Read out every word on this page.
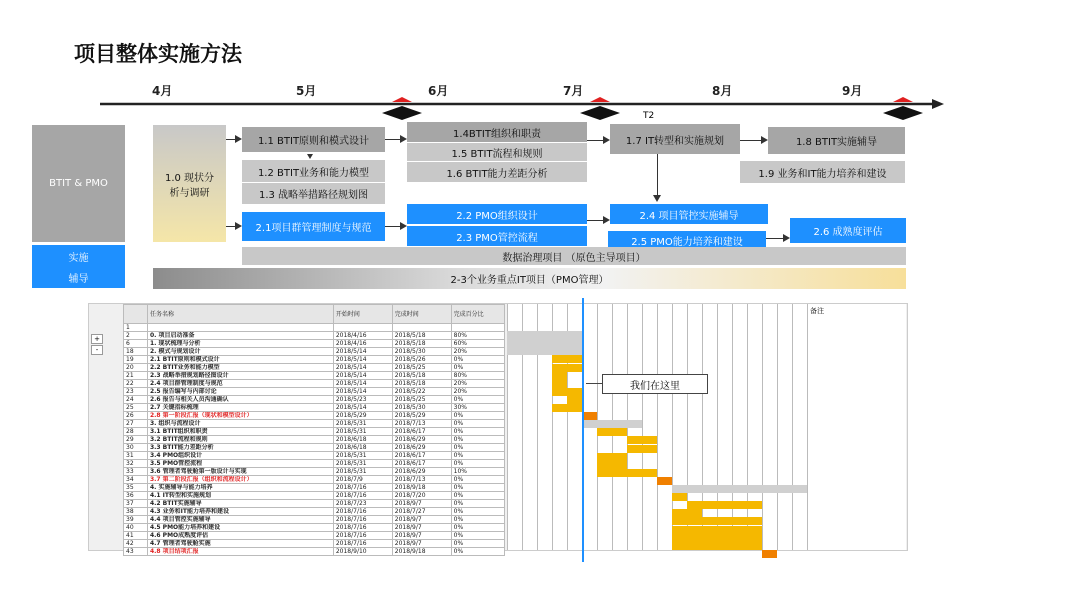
项目整体实施方法
4月	5月	6月	7月	8月	9月
T2
BTIT & PMO
实施
辅导
1.0 现状分
析与调研
1.1 BTIT原则和模式设计
1.2 BTIT业务和能力模型
1.3 战略举措路径规划图
1.4BTIT组织和职责
1.5 BTIT流程和规则
1.6 BTIT能力差距分析
1.7 IT转型和实施规划	1.8 BTIT实施辅导
1.9 业务和IT能力培养和建设
2.1项目群管理制度与规范
2.2 PMO组织设计
2.3 PMO管控流程
2.4 项目管控实施辅导
2.5 PMO能力培养和建设
2.6 成熟度评估
数据治理项目 （原色主导项目）
2-3个业务重点IT项目（PMO管理）
+
-
	任务名称	开始时间	完成时间	完成百分比
1				
2	0. 项目启动准备	2018/4/16	2018/5/18	80%
6	1. 现状梳理与分析	2018/4/16	2018/5/18	60%
18	2. 模式与规划设计	2018/5/14	2018/5/30	20%
19	2.1 BTIT原则和模式设计	2018/5/14	2018/5/26	0%
20	2.2 BTIT业务和能力模型	2018/5/14	2018/5/25	0%
21	2.3 战略举措规划路径图设计	2018/5/14	2018/5/18	80%
22	2.4 项目群管理制度与规范	2018/5/14	2018/5/18	20%
23	2.5 报告编写与内部讨论	2018/5/14	2018/5/22	20%
24	2.6 报告与相关人员沟通确认	2018/5/23	2018/5/25	0%
25	2.7 关键指标梳理	2018/5/14	2018/5/30	30%
26	2.8 第一阶段汇报（现状和模型设计）	2018/5/29	2018/5/29	0%
27	3. 组织与流程设计	2018/5/31	2018/7/13	0%
28	3.1 BTIT组织和职责	2018/5/31	2018/6/17	0%
29	3.2 BTIT流程和规则	2018/6/18	2018/6/29	0%
30	3.3 BTIT能力差距分析	2018/6/18	2018/6/29	0%
31	3.4 PMO组织设计	2018/5/31	2018/6/17	0%
32	3.5 PMO管控流程	2018/5/31	2018/6/17	0%
33	3.6 管理者驾驶舱第一版设计与实现	2018/5/31	2018/6/29	10%
34	3.7 第二阶段汇报（组织和流程设计）	2018/7/9	2018/7/13	0%
35	4. 实施辅导与能力培养	2018/7/16	2018/9/18	0%
36	4.1 IT转型和实施规划	2018/7/16	2018/7/20	0%
37	4.2 BTIT实施辅导	2018/7/23	2018/9/7	0%
38	4.3 业务和IT能力培养和建设	2018/7/16	2018/7/27	0%
39	4.4 项目管控实施辅导	2018/7/16	2018/9/7	0%
40	4.5 PMO能力培养和建设	2018/7/16	2018/9/7	0%
41	4.6 PMO成熟度评估	2018/7/16	2018/9/7	0%
42	4.7 管理者驾驶舱实施	2018/7/16	2018/9/7	0%
43	4.8 项目结项汇报	2018/9/10	2018/9/18	0%
备注
我们在这里
